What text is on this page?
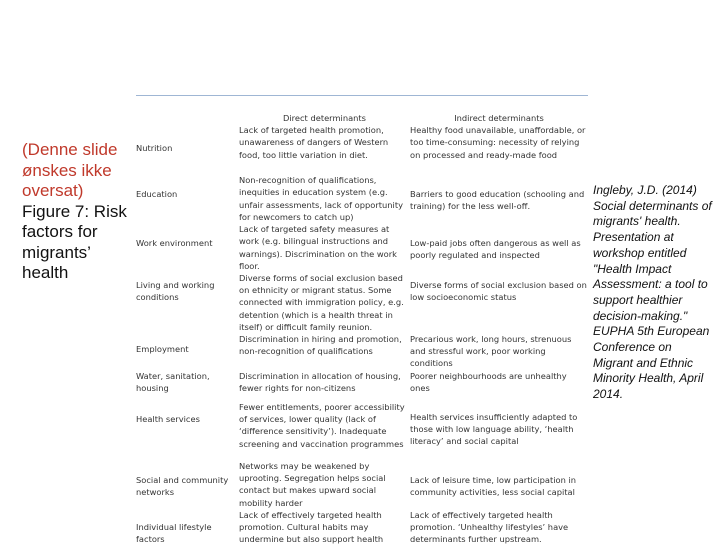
(Denne slide ønskes ikke oversat)
Figure 7: Risk factors for migrants’ health
	Direct determinants	Indirect determinants
Nutrition	Lack of targeted health promotion, unawareness of dangers of Western food, too little variation in diet.	Healthy food unavailable, unaffordable, or too time-consuming: necessity of relying on processed and ready-made food
Education	Non-recognition of qualifications, inequities in education system (e.g. unfair assessments, lack of opportunity for newcomers to catch up)	Barriers to good education (schooling and training) for the less well-off.
Work environment	Lack of targeted safety measures at work (e.g. bilingual instructions and warnings). Discrimination on the work floor.	Low-paid jobs often dangerous as well as poorly regulated and inspected
Living and working conditions	Diverse forms of social exclusion based on ethnicity or migrant status. Some connected with immigration policy, e.g. detention (which is a health threat in itself) or difficult family reunion.	Diverse forms of social exclusion based on low socioeconomic status
Employment	Discrimination in hiring and promotion, non-recognition of qualifications	Precarious work, long hours, strenuous and stressful work, poor working conditions
Water, sanitation, housing	Discrimination in allocation of housing, fewer rights for non-citizens	Poorer neighbourhoods are unhealthy ones
Health services	Fewer entitlements, poorer accessibility of services, lower quality (lack of ‘difference sensitivity’). Inadequate screening and vaccination programmes	Health services insufficiently adapted to those with low language ability, ‘health literacy’ and social capital
Social and community networks	Networks may be weakened by uprooting. Segregation helps social contact but makes upward social mobility harder	Lack of leisure time, low participation in community activities, less social capital
Individual lifestyle factors	Lack of effectively targeted health promotion. Cultural habits may undermine but also support health	Lack of effectively targeted health promotion. ‘Unhealthy lifestyles’ have determinants further upstream.
Ingleby, J.D. (2014) Social determinants of migrants' health. Presentation at workshop entitled "Health Impact Assessment: a tool to support healthier decision-making." EUPHA 5th European Conference on Migrant and Ethnic Minority Health, April 2014.
